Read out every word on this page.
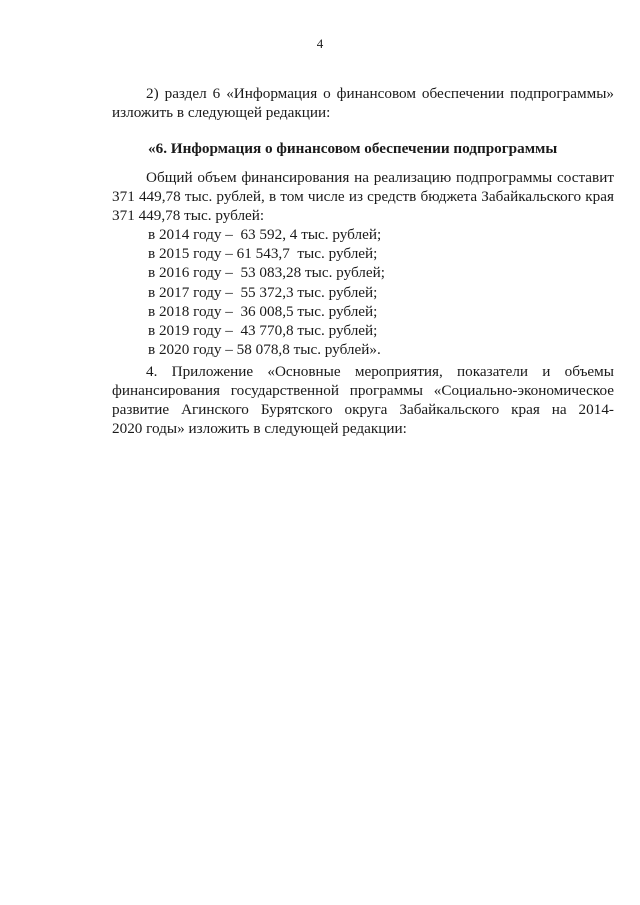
4
2) раздел 6 «Информация о финансовом обеспечении подпрограммы»
изложить в следующей редакции:
«6. Информация о финансовом обеспечении подпрограммы
Общий объем финансирования на реализацию подпрограммы составит
371 449,78 тыс. рублей, в том числе из средств бюджета Забайкальского края
371 449,78 тыс. рублей:
в 2014 году –  63 592, 4 тыс. рублей;
в 2015 году – 61 543,7  тыс. рублей;
в 2016 году –  53 083,28 тыс. рублей;
в 2017 году –  55 372,3 тыс. рублей;
в 2018 году –  36 008,5 тыс. рублей;
в 2019 году –  43 770,8 тыс. рублей;
в 2020 году – 58 078,8 тыс. рублей».
4. Приложение «Основные мероприятия, показатели и объемы
финансирования государственной программы «Социально-экономическое
развитие Агинского Бурятского округа Забайкальского края на 2014-
2020 годы» изложить в следующей редакции:
